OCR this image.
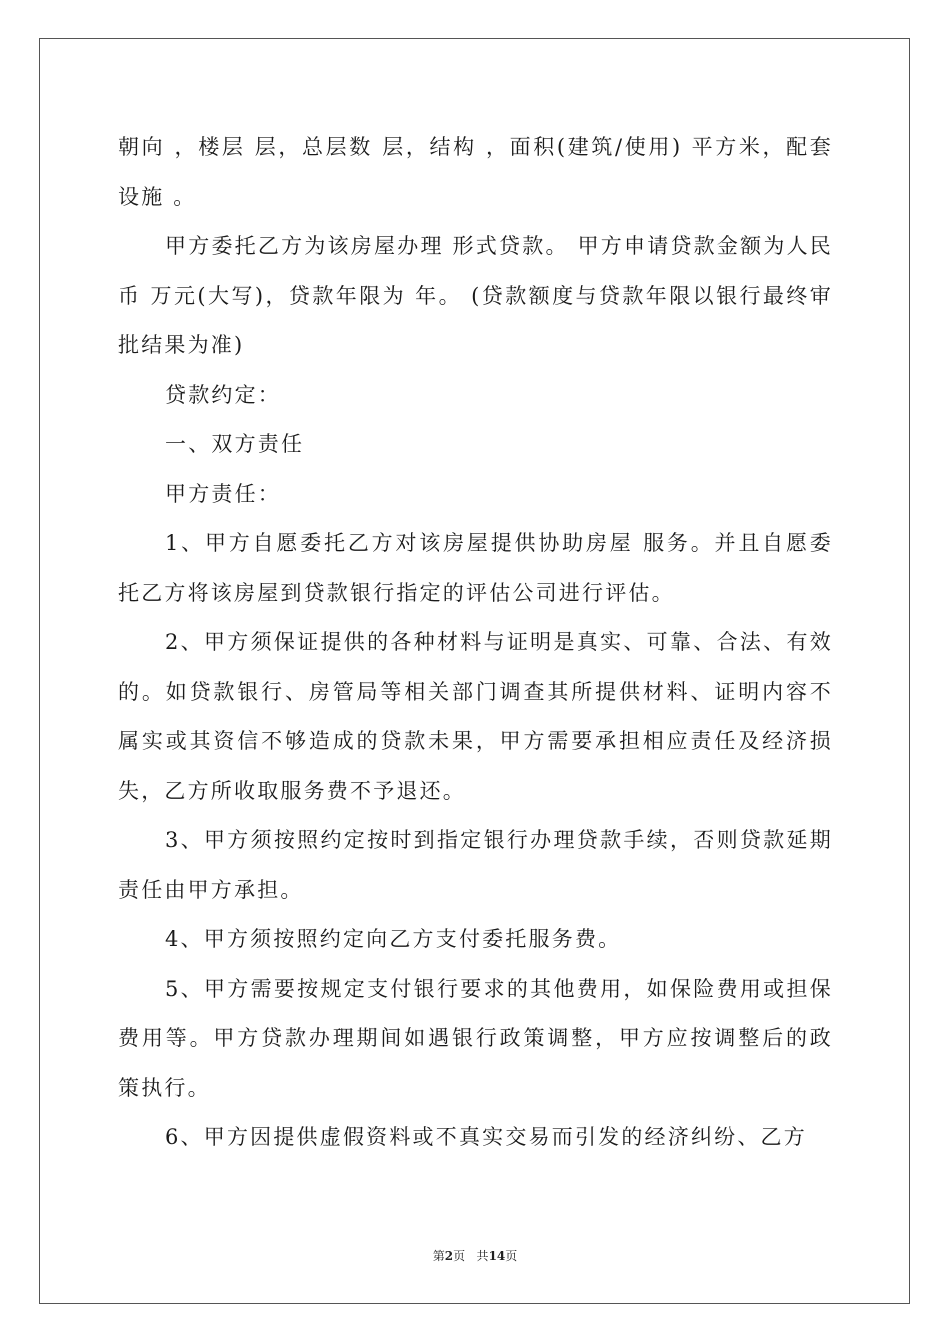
朝向 ，楼层 层，总层数 层，结构 ，面积(建筑/使用) 平方米，配套设施 。

甲方委托乙方为该房屋办理 形式贷款。 甲方申请贷款金额为人民币 万元(大写)，贷款年限为 年。 (贷款额度与贷款年限以银行最终审批结果为准)

贷款约定：

一、双方责任

甲方责任：

1、甲方自愿委托乙方对该房屋提供协助房屋 服务。并且自愿委托乙方将该房屋到贷款银行指定的评估公司进行评估。

2、甲方须保证提供的各种材料与证明是真实、可靠、合法、有效的。如贷款银行、房管局等相关部门调查其所提供材料、证明内容不属实或其资信不够造成的贷款未果，甲方需要承担相应责任及经济损失，乙方所收取服务费不予退还。

3、甲方须按照约定按时到指定银行办理贷款手续，否则贷款延期责任由甲方承担。

4、甲方须按照约定向乙方支付委托服务费。

5、甲方需要按规定支付银行要求的其他费用，如保险费用或担保费用等。甲方贷款办理期间如遇银行政策调整，甲方应按调整后的政策执行。

6、甲方因提供虚假资料或不真实交易而引发的经济纠纷、乙方

第2页 共14页
